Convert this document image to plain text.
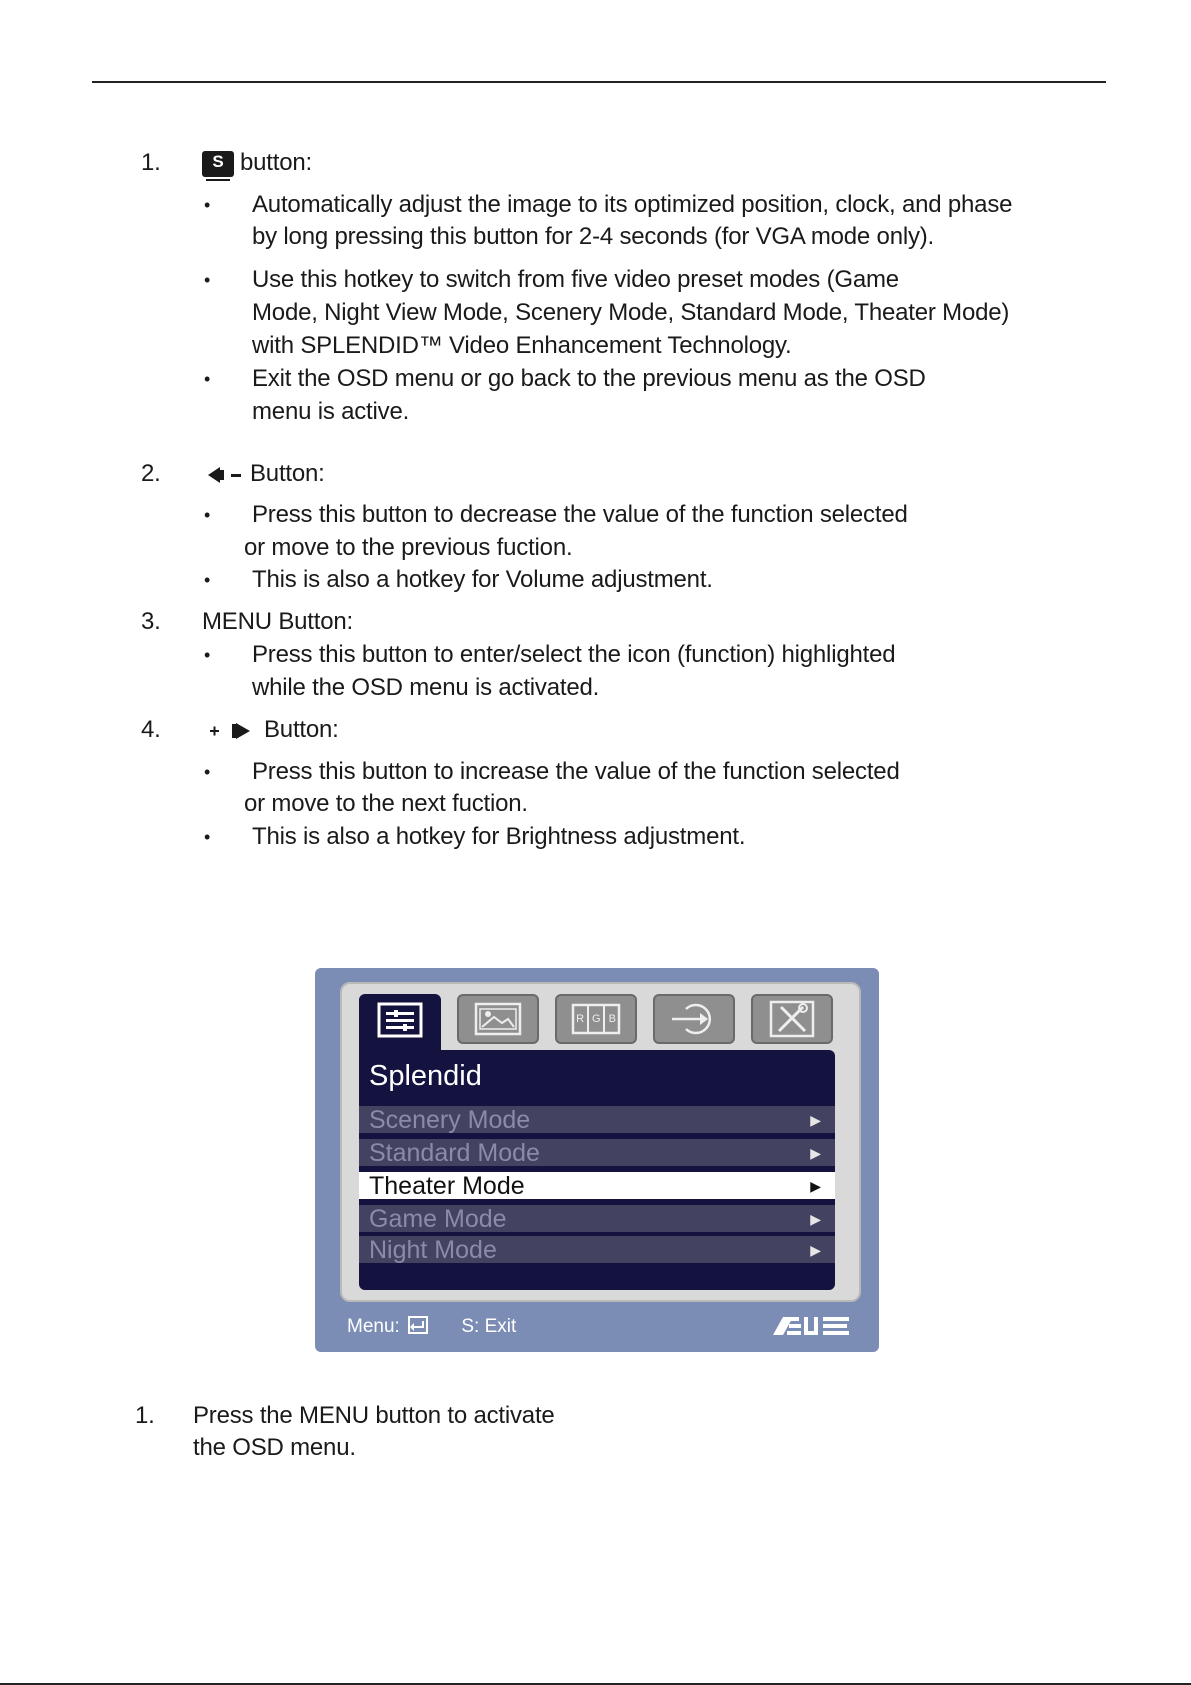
1.	S button:
• Automatically adjust the image to its optimized position, clock, and phase
by long pressing this button for 2-4 seconds (for VGA mode only).
• Use this hotkey to switch from five video preset modes (Game
Mode, Night View Mode, Scenery Mode, Standard Mode, Theater Mode)
with SPLENDID™ Video Enhancement Technology.
• Exit the OSD menu or go back to the previous menu as the OSD
menu is active.
2.	Button:
• Press this button to decrease the value of the function selected
or move to the previous fuction.
• This is also a hotkey for Volume adjustment.
3. MENU Button:
• Press this button to enter/select the icon (function) highlighted
while the OSD menu is activated.
4.	Button:
• Press this button to increase the value of the function selected
or move to the next fuction.
• This is also a hotkey for Brightness adjustment.
R G B
Splendid
Scenery Mode	▶
Standard Mode	▶
Theater Mode	▶
Game Mode	▶
Night Mode	▶
Menu:	S: Exit
1. Press the MENU button to activate
the OSD menu.
